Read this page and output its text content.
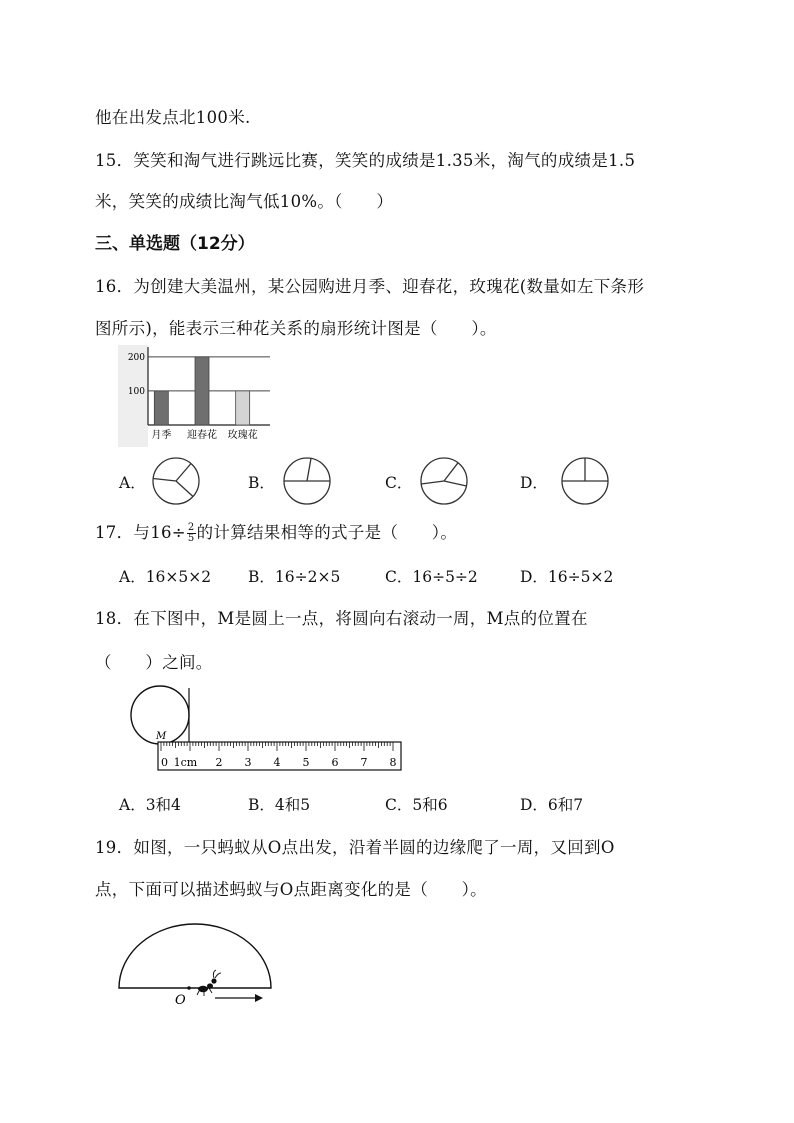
他在出发点北100米.
15．笑笑和淘气进行跳远比赛，笑笑的成绩是1.35米，淘气的成绩是1.5
米，笑笑的成绩比淘气低10%。（　　）
三、单选题（12分）
16．为创建大美温州，某公园购进月季、迎春花，玫瑰花(数量如左下条形
图所示)，能表示三种花关系的扇形统计图是（　　）。
100
200
月季 迎春花 玫瑰花
A．	B．	C．	D．
17．与$16\div \frac{2}{5}$ 的计算结果相等的式子是（　　）。
A．16×5×2 B．16÷2×5	C．16÷5÷2	D．16÷5×2
18．在下图中，M是圆上一点，将圆向右滚动一周，M点的位置在
（　　）之间。
M
0 1cm 2 3 4 5 6 7 8
A．3和4	B．4和5	C．5和6	D．6和7
19．如图，一只蚂蚁从O点出发，沿着半圆的边缘爬了一周，又回到O
点，下面可以描述蚂蚁与O点距离变化的是（　　）。
O
